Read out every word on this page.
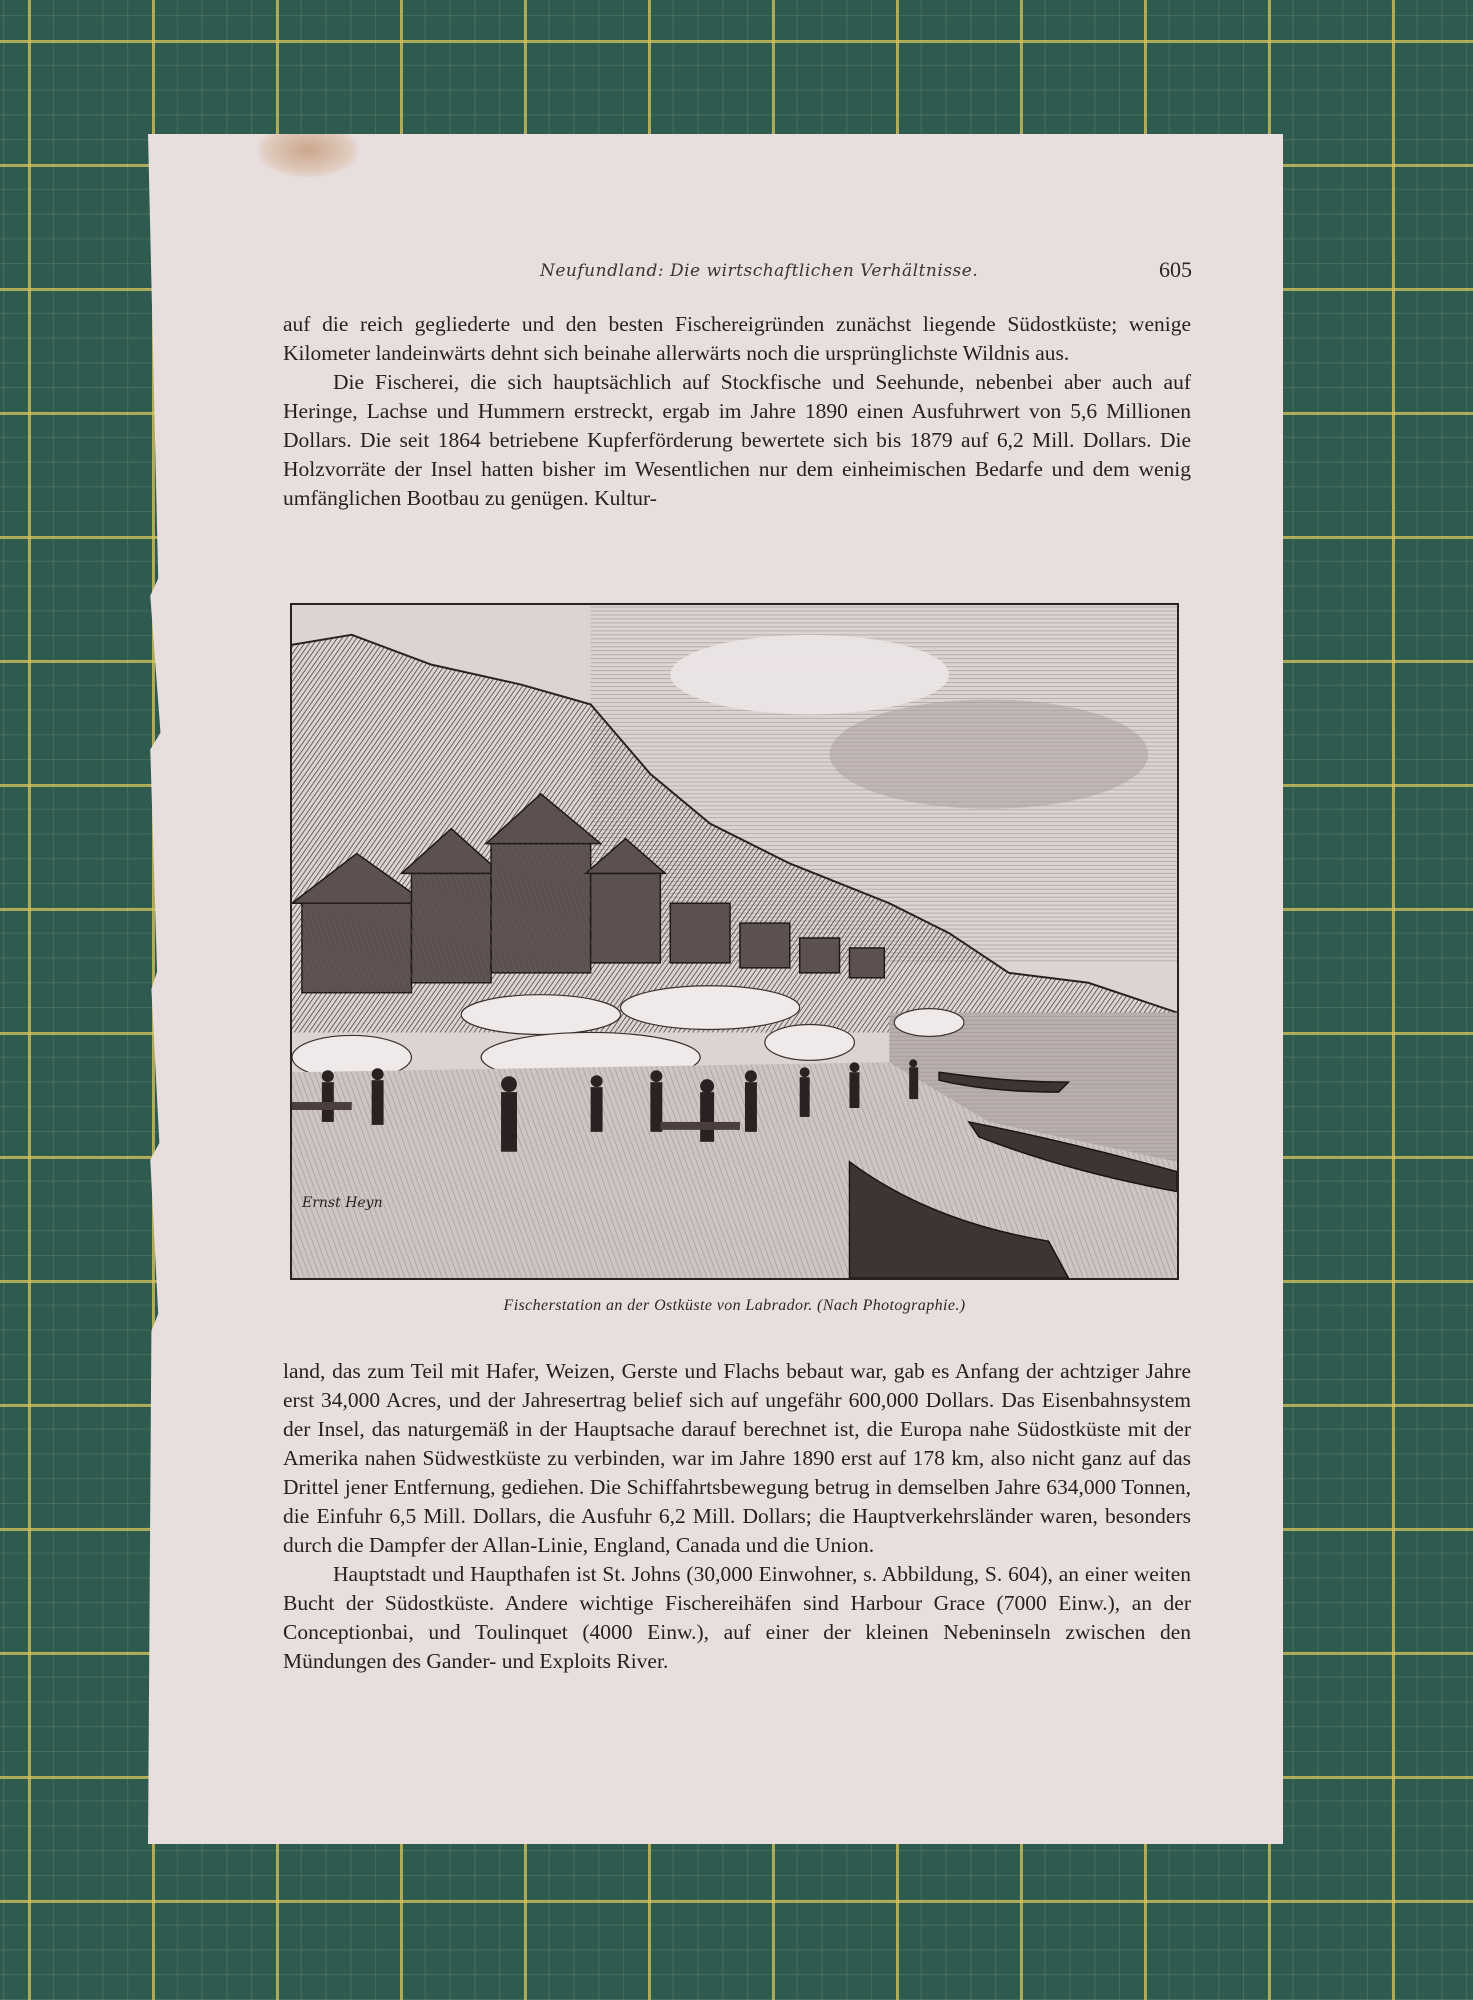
Neufundland: Die wirtschaftlichen Verhältnisse.	605

auf die reich gegliederte und den besten Fischereigründen zunächst liegende Südostküste; wenige Kilometer landeinwärts dehnt sich beinahe allerwärts noch die ursprünglichste Wildnis aus.

Die Fischerei, die sich hauptsächlich auf Stockfische und Seehunde, nebenbei aber auch auf Heringe, Lachse und Hummern erstreckt, ergab im Jahre 1890 einen Ausfuhrwert von 5,6 Millionen Dollars. Die seit 1864 betriebene Kupferförderung bewertete sich bis 1879 auf 6,2 Mill. Dollars. Die Holzvorräte der Insel hatten bisher im Wesentlichen nur dem einheimischen Bedarfe und dem wenig umfänglichen Bootbau zu genügen. Kultur-

Ernst Heyn
Fischerstation an der Ostküste von Labrador. (Nach Photographie.)

land, das zum Teil mit Hafer, Weizen, Gerste und Flachs bebaut war, gab es Anfang der achtziger Jahre erst 34,000 Acres, und der Jahresertrag belief sich auf ungefähr 600,000 Dollars. Das Eisenbahnsystem der Insel, das naturgemäß in der Hauptsache darauf berechnet ist, die Europa nahe Südostküste mit der Amerika nahen Südwestküste zu verbinden, war im Jahre 1890 erst auf 178 km, also nicht ganz auf das Drittel jener Entfernung, gediehen. Die Schiffahrtsbewegung betrug in demselben Jahre 634,000 Tonnen, die Einfuhr 6,5 Mill. Dollars, die Ausfuhr 6,2 Mill. Dollars; die Hauptverkehrsländer waren, besonders durch die Dampfer der Allan-Linie, England, Canada und die Union.

Hauptstadt und Haupthafen ist St. Johns (30,000 Einwohner, s. Abbildung, S. 604), an einer weiten Bucht der Südostküste. Andere wichtige Fischereihäfen sind Harbour Grace (7000 Einw.), an der Conceptionbai, und Toulinquet (4000 Einw.), auf einer der kleinen Nebeninseln zwischen den Mündungen des Gander- und Exploits River.
